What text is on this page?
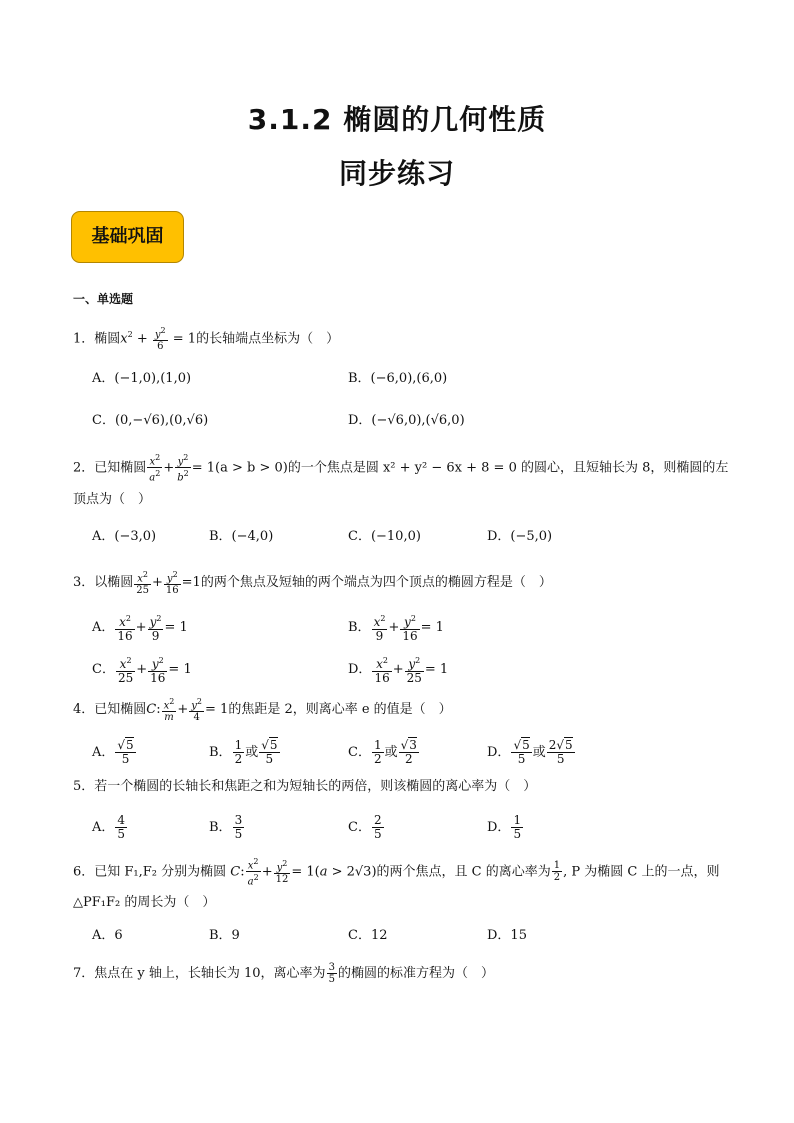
3.1.2 椭圆的几何性质
同步练习
基础巩固
一、单选题
1．椭圆$x^2 + \frac{y^2}{6} = 1$的长轴端点坐标为（　）
A．(−1,0),(1,0)	B．(−6,0),(6,0)
C．(0,−√6),(0,√6)	D．(−√6,0),(√6,0)
2．已知椭圆 $\frac{x^2}{a^2} + \frac{y^2}{b^2} = 1(a > b > 0)$的一个焦点是圆 x² + y² − 6x + 8 = 0 的圆心，且短轴长为 8，则椭圆的左
顶点为（　）
A．(−3,0)	B．(−4,0)	C．(−10,0)	D．(−5,0)
3．以椭圆 $\frac{x^2}{25} + \frac{y^2}{16} =1$的两个焦点及短轴的两个端点为四个顶点的椭圆方程是（　）
A． $\frac{x^2}{16} + \frac{y^2}{9} = 1$	B． $\frac{x^2}{9} + \frac{y^2}{16} = 1$
C． $\frac{x^2}{25} + \frac{y^2}{16} = 1$	D． $\frac{x^2}{16} + \frac{y^2}{25} = 1$
4．已知椭圆C: $\frac{x^2}{m} + \frac{y^2}{4} = 1$的焦距是 2，则离心率 e 的值是（　）
A． √ $\frac{5}{5}$	B． $\frac{1}{2}$ 或 √ $\frac{5}{5}$	C． $\frac{1}{2}$ 或 √ $\frac{3}{2}$	D． √ $\frac{5}{5}$ 或 $\frac{2 √ 5}{5}$
5．若一个椭圆的长轴长和焦距之和为短轴长的两倍，则该椭圆的离心率为（　）
A． $\frac{4}{5}$	B． $\frac{3}{5}$	C． $\frac{2}{5}$	D． $\frac{1}{5}$
6．已知 F₁,F₂ 分别为椭圆 C: $\frac{x^2}{a^2} + \frac{y^2}{12} = 1(a > 2√3)$的两个焦点，且 C 的离心率为 $\frac{1}{2}$ , P 为椭圆 C 上的一点，则
△PF₁F₂ 的周长为（　）
A．6	B．9	C．12	D．15
7．焦点在 y 轴上，长轴长为 10，离心率为 $\frac{3}{5}$ 的椭圆的标准方程为（　）
